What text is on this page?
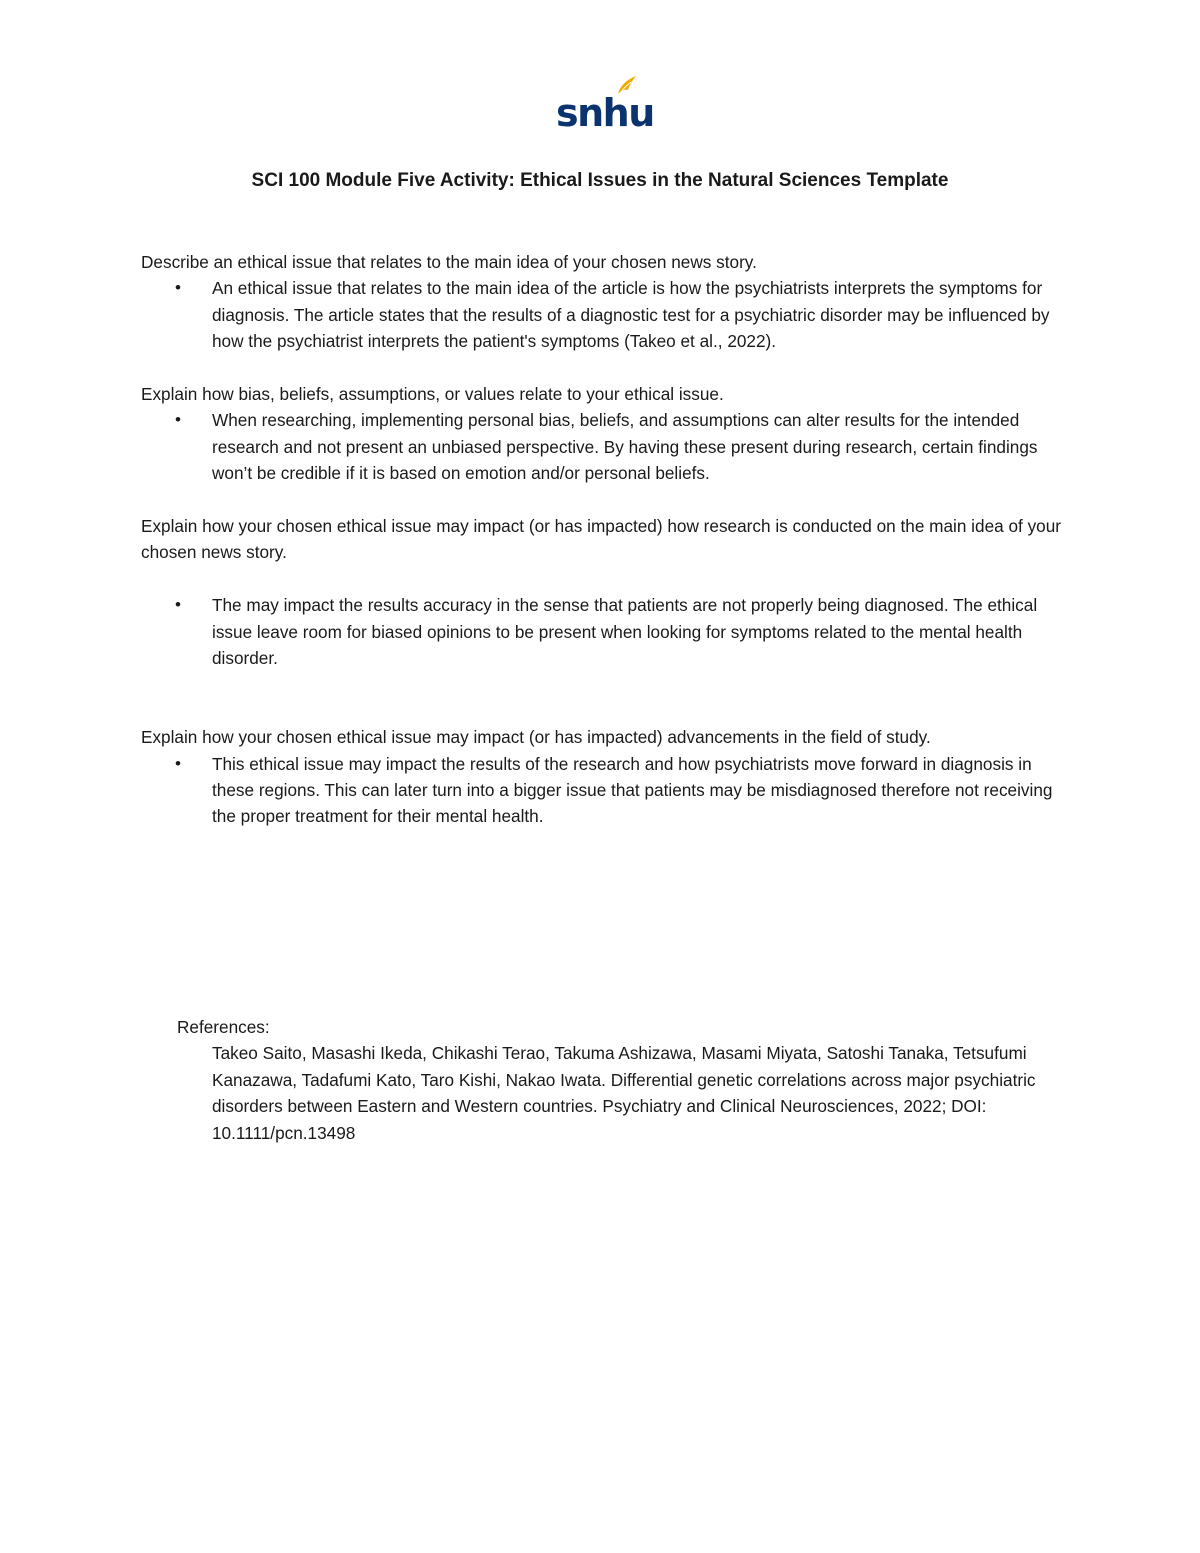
snhu
SCI 100 Module Five Activity: Ethical Issues in the Natural Sciences Template

Describe an ethical issue that relates to the main idea of your chosen news story.

• An ethical issue that relates to the main idea of the article is how the psychiatrists interprets the symptoms for diagnosis. The article states that the results of a diagnostic test for a psychiatric disorder may be influenced by how the psychiatrist interprets the patient's symptoms (Takeo et al., 2022).

Explain how bias, beliefs, assumptions, or values relate to your ethical issue.

• When researching, implementing personal bias, beliefs, and assumptions can alter results for the intended research and not present an unbiased perspective. By having these present during research, certain findings won’t be credible if it is based on emotion and/or personal beliefs.

Explain how your chosen ethical issue may impact (or has impacted) how research is conducted on the main idea of your chosen news story.

• The may impact the results accuracy in the sense that patients are not properly being diagnosed. The ethical issue leave room for biased opinions to be present when looking for symptoms related to the mental health disorder.

Explain how your chosen ethical issue may impact (or has impacted) advancements in the field of study.

• This ethical issue may impact the results of the research and how psychiatrists move forward in diagnosis in these regions. This can later turn into a bigger issue that patients may be misdiagnosed therefore not receiving the proper treatment for their mental health.
References:
Takeo Saito, Masashi Ikeda, Chikashi Terao, Takuma Ashizawa, Masami Miyata, Satoshi Tanaka, Tetsufumi Kanazawa, Tadafumi Kato, Taro Kishi, Nakao Iwata. Differential genetic correlations across major psychiatric disorders between Eastern and Western countries. Psychiatry and Clinical Neurosciences, 2022; DOI: 10.1111/pcn.13498
